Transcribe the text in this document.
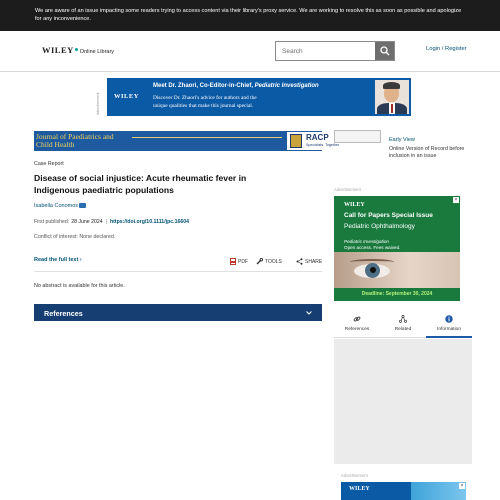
We are aware of an issue impacting some readers trying to access content via their library's proxy service. We are working to resolve this as soon as possible and apologize for any inconvenience.
WILEY Online Library
Search	Login / Register
Advertisement	WILEY
Meet Dr. Zhaori, Co-Editor-in-Chief, Pediatric Investigation
Discover Dr. Zhaori's advice for authors and the
unique qualities that make this journal special.
Journal of Paediatrics and
Child Health
RACP
Specialists. Together
Case Report
Disease of social injustice: Acute rheumatic fever in Indigenous paediatric populations
Isabella Conomos
First published: 28 June 2024 | https://doi.org/10.1111/jpc.16604
Conflict of interest: None declared.
Read the full text ›	PDF	TOOLS	SHARE
No abstract is available for this article.
References
Early View
Online Version of Record before inclusion in an issue
Advertisement
WILEY
Call for Papers Special Issue
Pediatric Ophthalmology
Pediatric Investigation
Open access. Fees waived.
Deadline: September 30, 2024
×
References	Related	Information
Advertisement
WILEY	×
